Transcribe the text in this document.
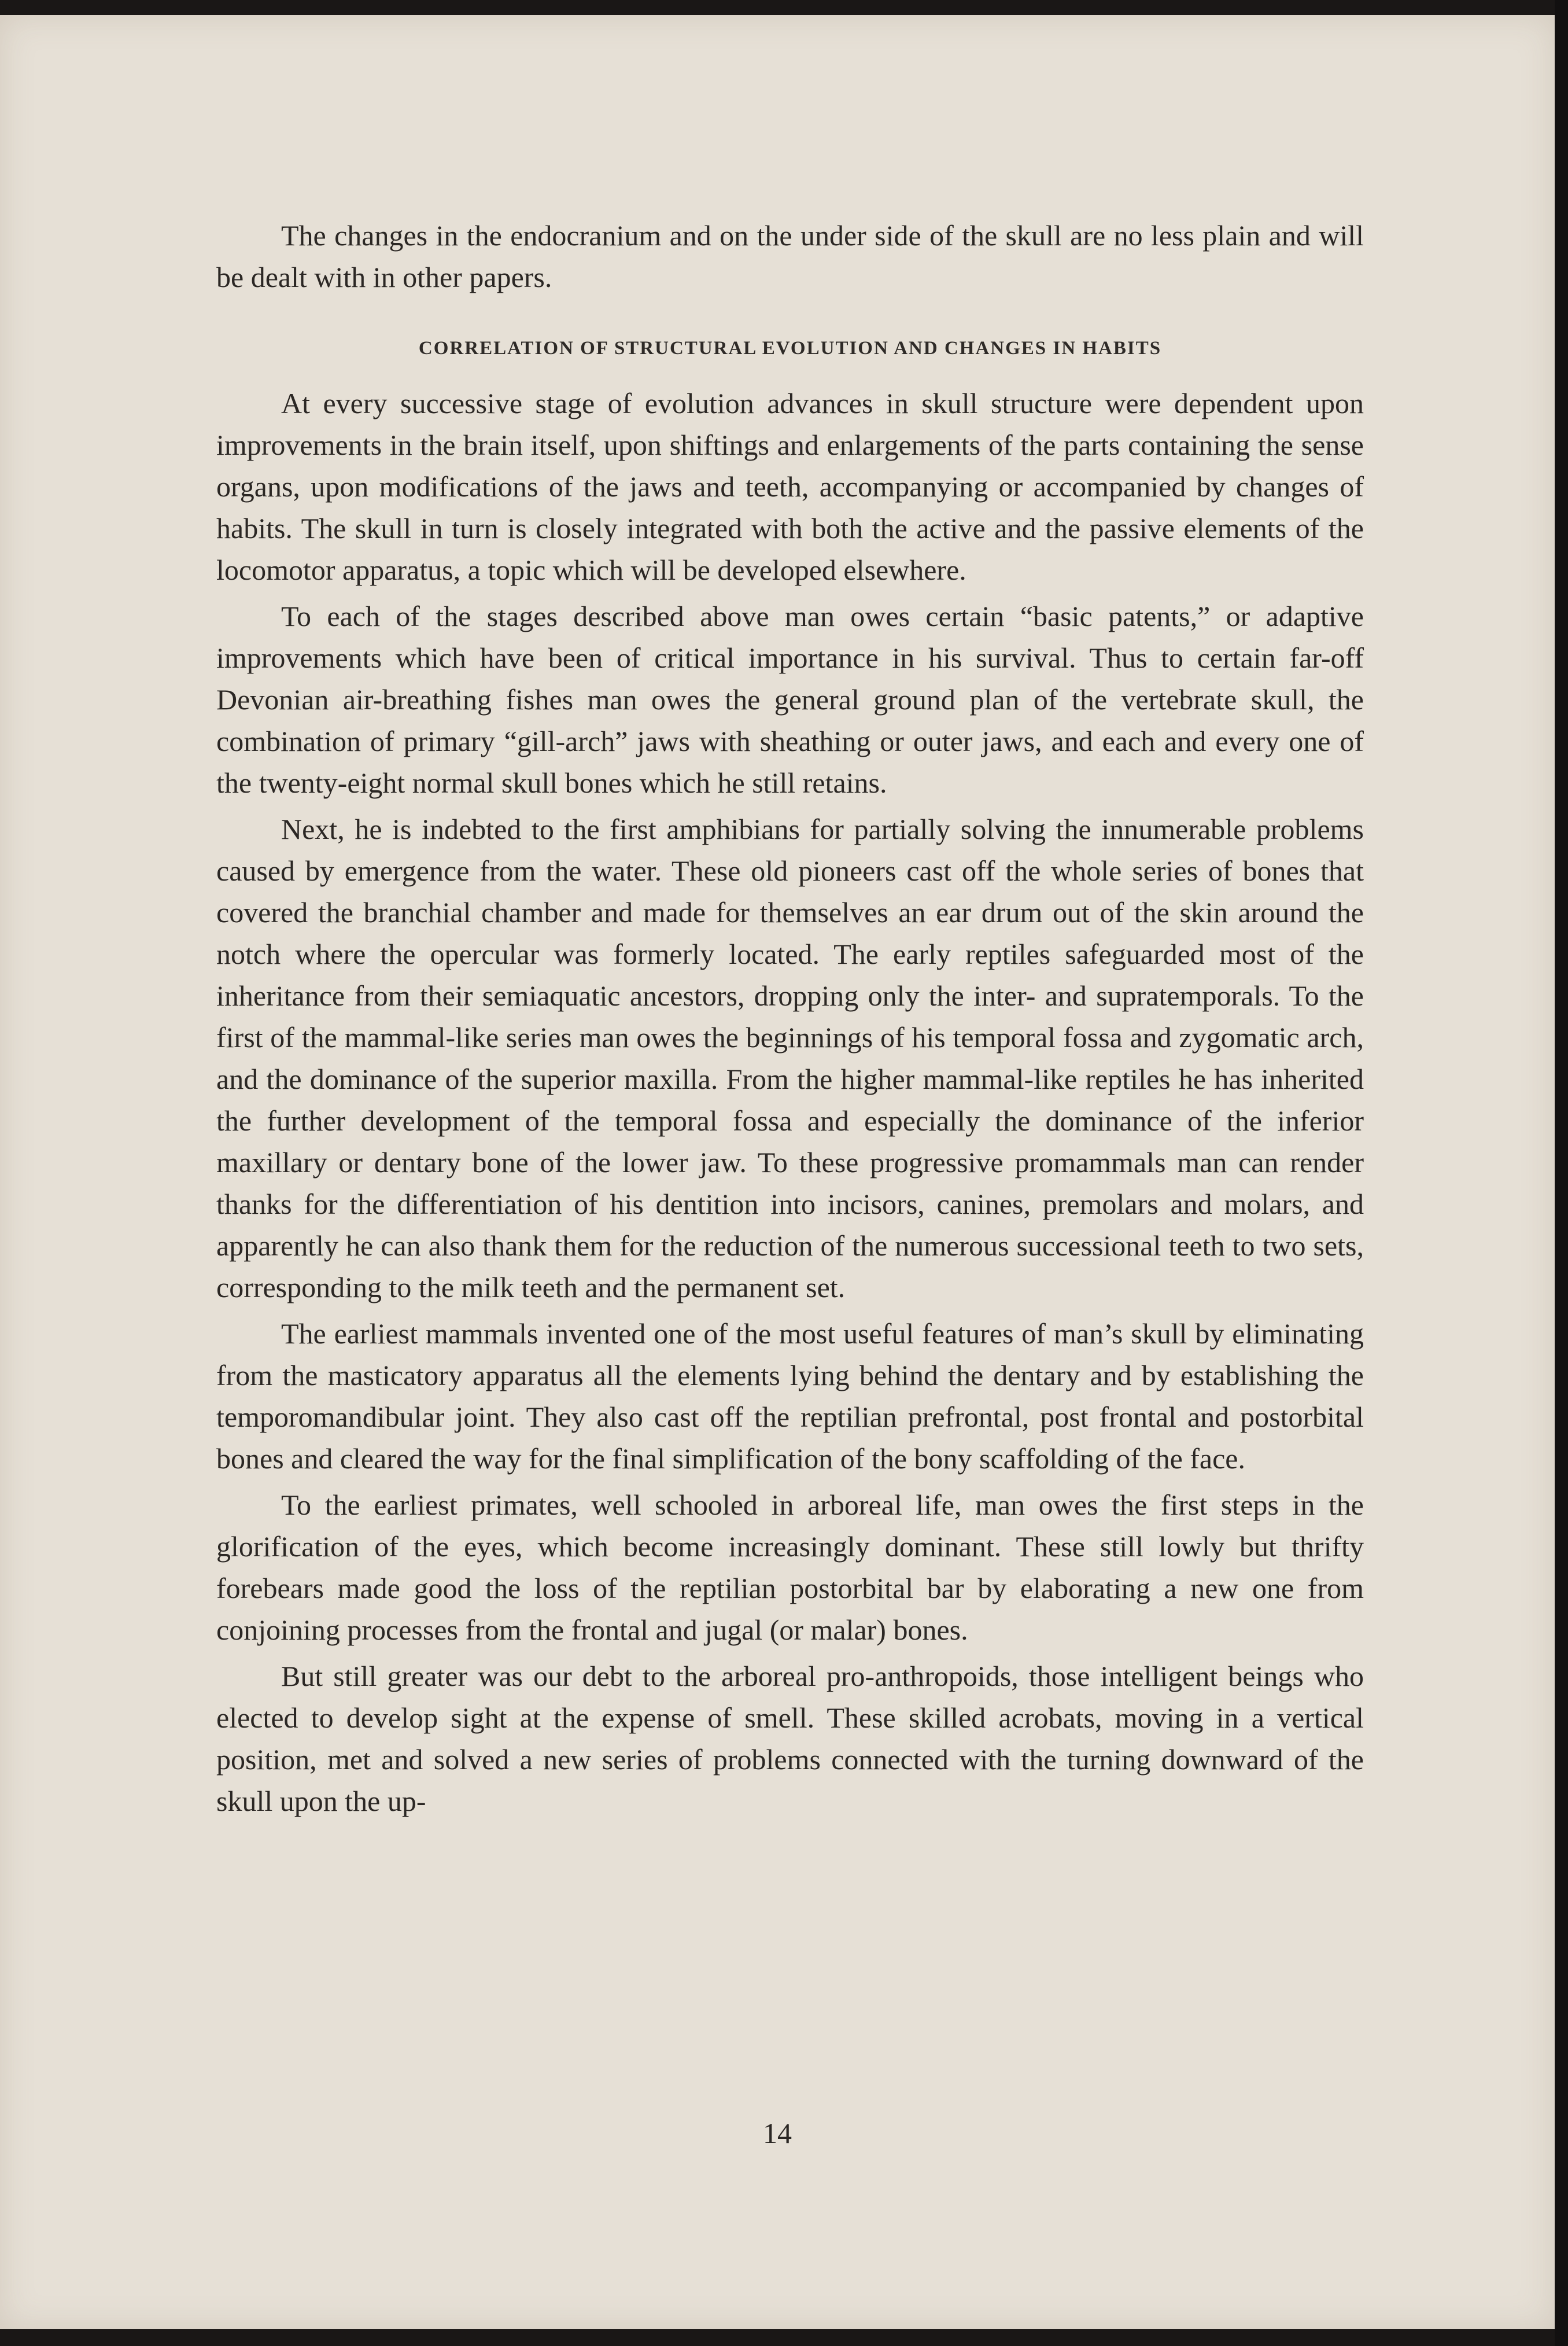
The changes in the endocranium and on the under side of the skull are no less plain and will be dealt with in other papers.

CORRELATION OF STRUCTURAL EVOLUTION AND CHANGES IN HABITS

At every successive stage of evolution advances in skull structure were dependent upon improvements in the brain itself, upon shiftings and enlargements of the parts containing the sense organs, upon modifications of the jaws and teeth, accompanying or accompanied by changes of habits. The skull in turn is closely integrated with both the active and the passive elements of the locomotor apparatus, a topic which will be developed elsewhere.

To each of the stages described above man owes certain “basic patents,” or adaptive improvements which have been of critical importance in his survival. Thus to certain far-off Devonian air-breathing fishes man owes the general ground plan of the vertebrate skull, the combination of primary “gill-arch” jaws with sheathing or outer jaws, and each and every one of the twenty-eight normal skull bones which he still retains.

Next, he is indebted to the first amphibians for partially solving the innumerable problems caused by emergence from the water. These old pioneers cast off the whole series of bones that covered the branchial chamber and made for themselves an ear drum out of the skin around the notch where the opercular was formerly located. The early reptiles safeguarded most of the inheritance from their semiaquatic ancestors, dropping only the inter- and supratemporals. To the first of the mammal-like series man owes the beginnings of his temporal fossa and zygomatic arch, and the dominance of the superior maxilla. From the higher mammal-like reptiles he has inherited the further development of the temporal fossa and especially the dominance of the inferior maxillary or dentary bone of the lower jaw. To these progressive promammals man can render thanks for the differentiation of his dentition into incisors, canines, premolars and molars, and apparently he can also thank them for the reduction of the numerous successional teeth to two sets, corresponding to the milk teeth and the permanent set.

The earliest mammals invented one of the most useful features of man’s skull by eliminating from the masticatory apparatus all the elements lying behind the dentary and by establishing the temporomandibular joint. They also cast off the reptilian prefrontal, post frontal and postorbital bones and cleared the way for the final simplification of the bony scaffolding of the face.

To the earliest primates, well schooled in arboreal life, man owes the first steps in the glorification of the eyes, which become increasingly dominant. These still lowly but thrifty forebears made good the loss of the reptilian postorbital bar by elaborating a new one from conjoining processes from the frontal and jugal (or malar) bones.

But still greater was our debt to the arboreal pro-anthropoids, those intelligent beings who elected to develop sight at the expense of smell. These skilled acrobats, moving in a vertical position, met and solved a new series of problems connected with the turning downward of the skull upon the up-

14
